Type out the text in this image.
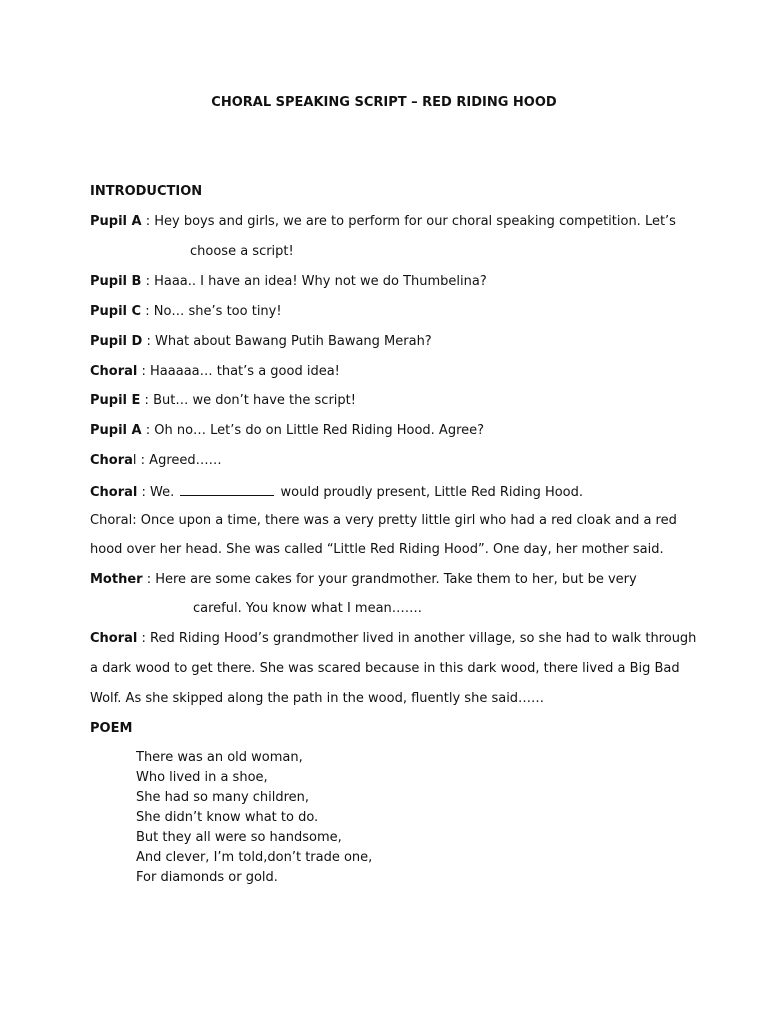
CHORAL SPEAKING SCRIPT – RED RIDING HOOD
INTRODUCTION
Pupil A : Hey boys and girls, we are to perform for our choral speaking competition. Let’s
choose a script!
Pupil B : Haaa.. I have an idea! Why not we do Thumbelina?
Pupil C : No… she’s too tiny!
Pupil D : What about Bawang Putih Bawang Merah?
Choral : Haaaaa… that’s a good idea!
Pupil E : But… we don’t have the script!
Pupil A : Oh no… Let’s do on Little Red Riding Hood. Agree?
Choral : Agreed……
Choral : We.	would proudly present, Little Red Riding Hood.
Choral: Once upon a time, there was a very pretty little girl who had a red cloak and a red
hood over her head. She was called “Little Red Riding Hood”. One day, her mother said.
Mother : Here are some cakes for your grandmother. Take them to her, but be very
careful. You know what I mean…….
Choral : Red Riding Hood’s grandmother lived in another village, so she had to walk through
a dark wood to get there. She was scared because in this dark wood, there lived a Big Bad
Wolf. As she skipped along the path in the wood, fluently she said……
POEM
There was an old woman,
Who lived in a shoe,
She had so many children,
She didn’t know what to do.
But they all were so handsome,
And clever, I’m told,don’t trade one,
For diamonds or gold.
